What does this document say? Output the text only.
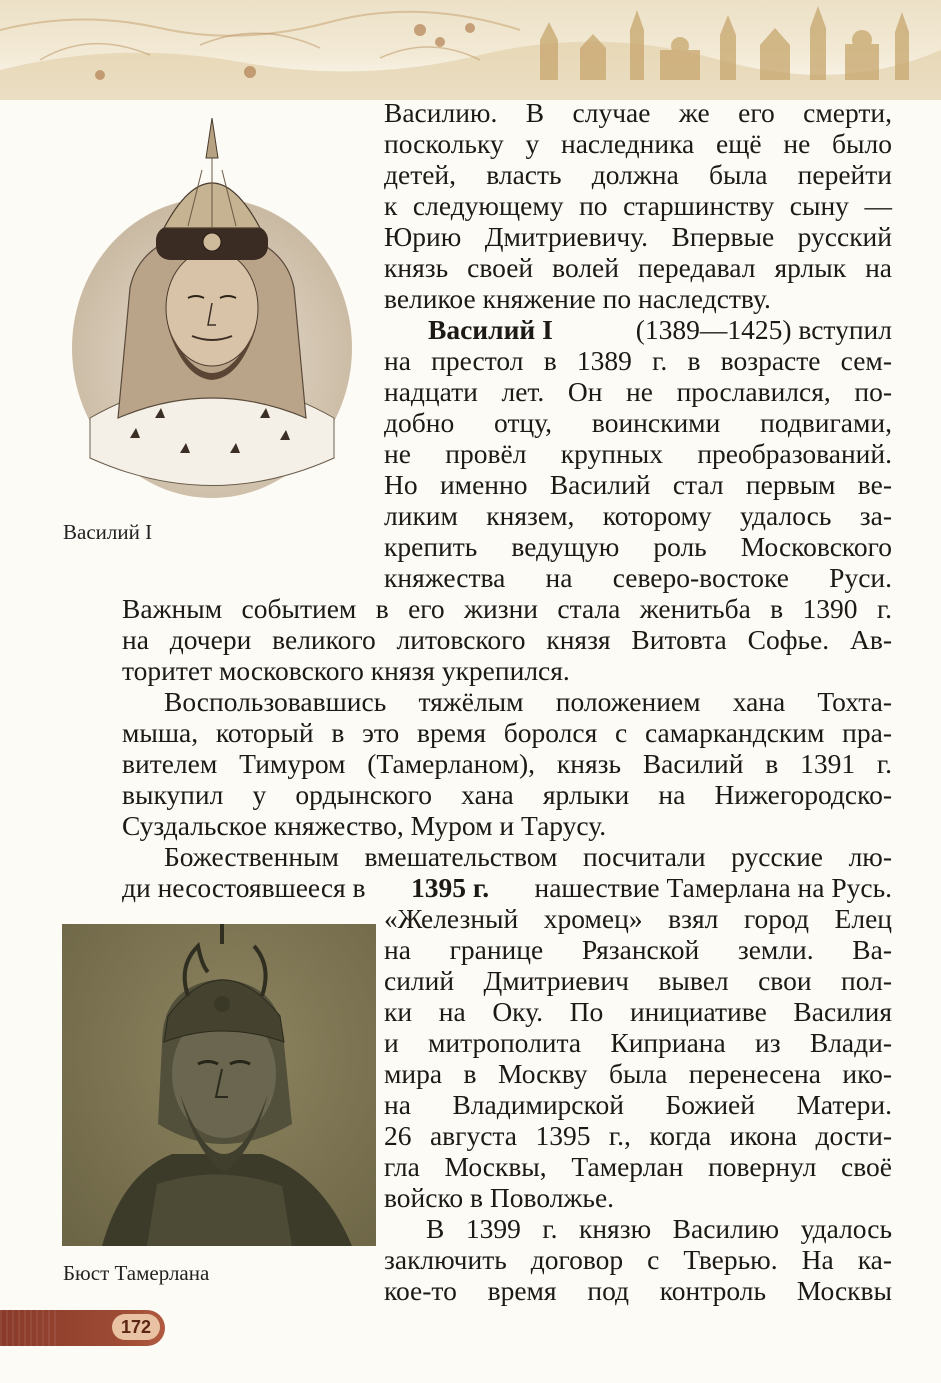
Василий I
Бюст Тамерлана
Василию. В случае же его смерти,
поскольку у наследника ещё не было
детей, власть должна была перейти
к следующему по старшинству сыну —
Юрию Дмитриевичу. Впервые русский
князь своей волей передавал ярлык на
великое княжение по наследству.
Василий I	(1389—1425) вступил
на престол в 1389 г. в возрасте сем-
надцати лет. Он не прославился, по-
добно отцу, воинскими подвигами,
не провёл крупных преобразований.
Но именно Василий стал первым ве-
ликим князем, которому удалось за-
крепить ведущую роль Московского
княжества на северо-востоке Руси.
Важным событием в его жизни стала женитьба в 1390 г.
на дочери великого литовского князя Витовта Софье. Ав-
торитет московского князя укрепился.
Воспользовавшись тяжёлым положением хана Тохта-
мыша, который в это время боролся с самаркандским пра-
вителем Тимуром (Тамерланом), князь Василий в 1391 г.
выкупил у ордынского хана ярлыки на Нижегородско-
Суздальское княжество, Муром и Тарусу.
Божественным вмешательством посчитали русские лю-
ди несостоявшееся в 1395 г. нашествие Тамерлана на Русь.
«Железный хромец» взял город Елец
на границе Рязанской земли. Ва-
силий Дмитриевич вывел свои пол-
ки на Оку. По инициативе Василия
и митрополита Киприана из Влади-
мира в Москву была перенесена ико-
на Владимирской Божией Матери.
26 августа 1395 г., когда икона дости-
гла Москвы, Тамерлан повернул своё
войско в Поволжье.
В 1399 г. князю Василию удалось
заключить договор с Тверью. На ка-
кое-то время под контроль Москвы
172
